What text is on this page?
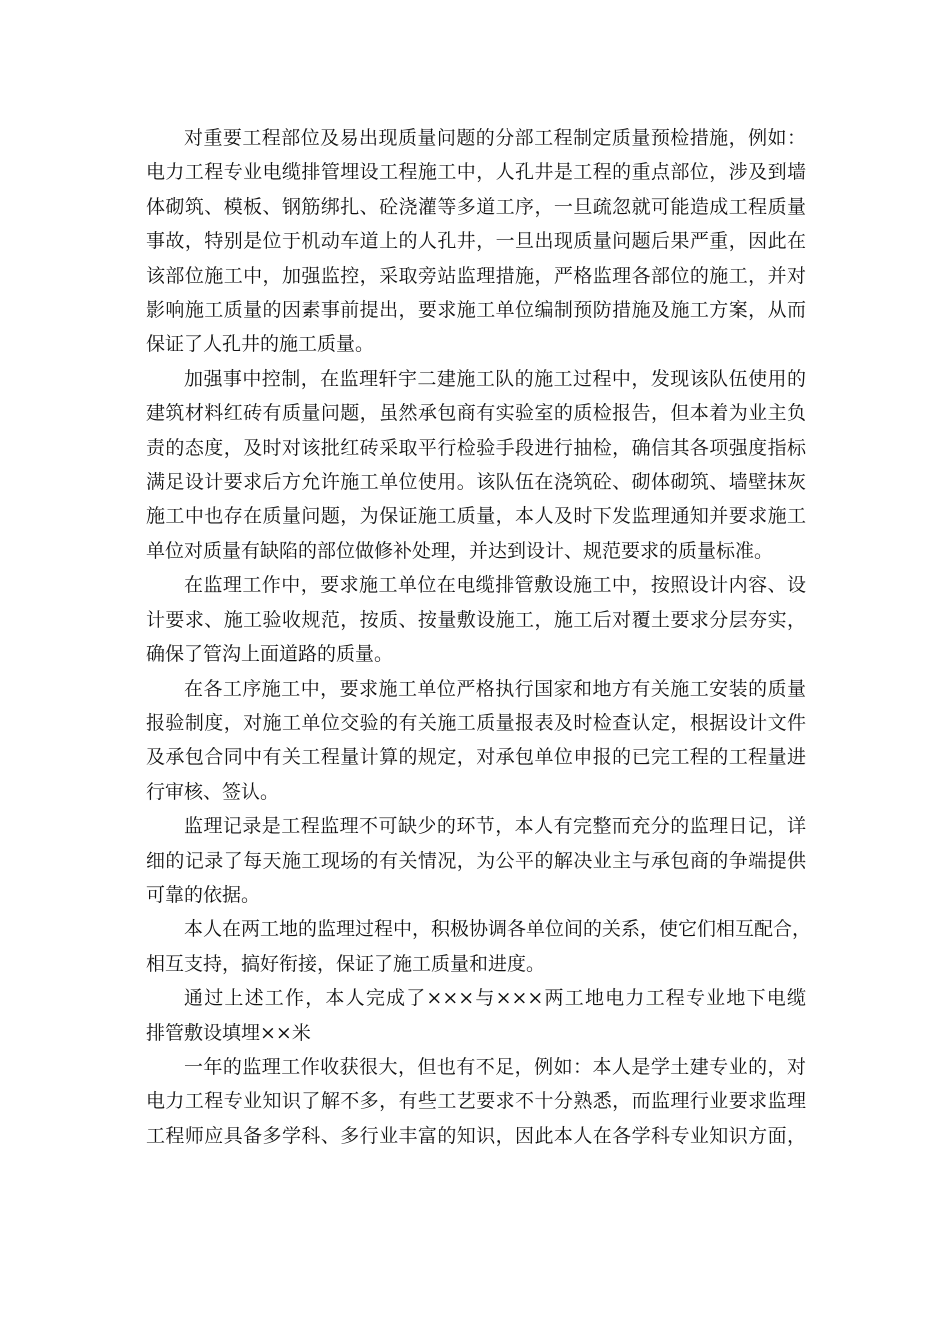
对重要工程部位及易出现质量问题的分部工程制定质量预检措施，例如：
电力工程专业电缆排管埋设工程施工中，人孔井是工程的重点部位，涉及到墙
体砌筑、模板、钢筋绑扎、砼浇灌等多道工序，一旦疏忽就可能造成工程质量
事故，特别是位于机动车道上的人孔井，一旦出现质量问题后果严重，因此在
该部位施工中，加强监控，采取旁站监理措施，严格监理各部位的施工，并对
影响施工质量的因素事前提出，要求施工单位编制预防措施及施工方案，从而
保证了人孔井的施工质量。

加强事中控制，在监理轩宇二建施工队的施工过程中，发现该队伍使用的
建筑材料红砖有质量问题，虽然承包商有实验室的质检报告，但本着为业主负
责的态度，及时对该批红砖采取平行检验手段进行抽检，确信其各项强度指标
满足设计要求后方允许施工单位使用。该队伍在浇筑砼、砌体砌筑、墙壁抹灰
施工中也存在质量问题，为保证施工质量，本人及时下发监理通知并要求施工
单位对质量有缺陷的部位做修补处理，并达到设计、规范要求的质量标准。

在监理工作中，要求施工单位在电缆排管敷设施工中，按照设计内容、设
计要求、施工验收规范，按质、按量敷设施工，施工后对覆土要求分层夯实，
确保了管沟上面道路的质量。

在各工序施工中，要求施工单位严格执行国家和地方有关施工安装的质量
报验制度，对施工单位交验的有关施工质量报表及时检查认定，根据设计文件
及承包合同中有关工程量计算的规定，对承包单位申报的已完工程的工程量进
行审核、签认。

监理记录是工程监理不可缺少的环节，本人有完整而充分的监理日记，详
细的记录了每天施工现场的有关情况，为公平的解决业主与承包商的争端提供
可靠的依据。

本人在两工地的监理过程中，积极协调各单位间的关系，使它们相互配合，
相互支持，搞好衔接，保证了施工质量和进度。

通过上述工作，本人完成了×××与×××两工地电力工程专业地下电缆
排管敷设填埋××米

一年的监理工作收获很大，但也有不足，例如：本人是学土建专业的，对
电力工程专业知识了解不多，有些工艺要求不十分熟悉，而监理行业要求监理
工程师应具备多学科、多行业丰富的知识，因此本人在各学科专业知识方面，
